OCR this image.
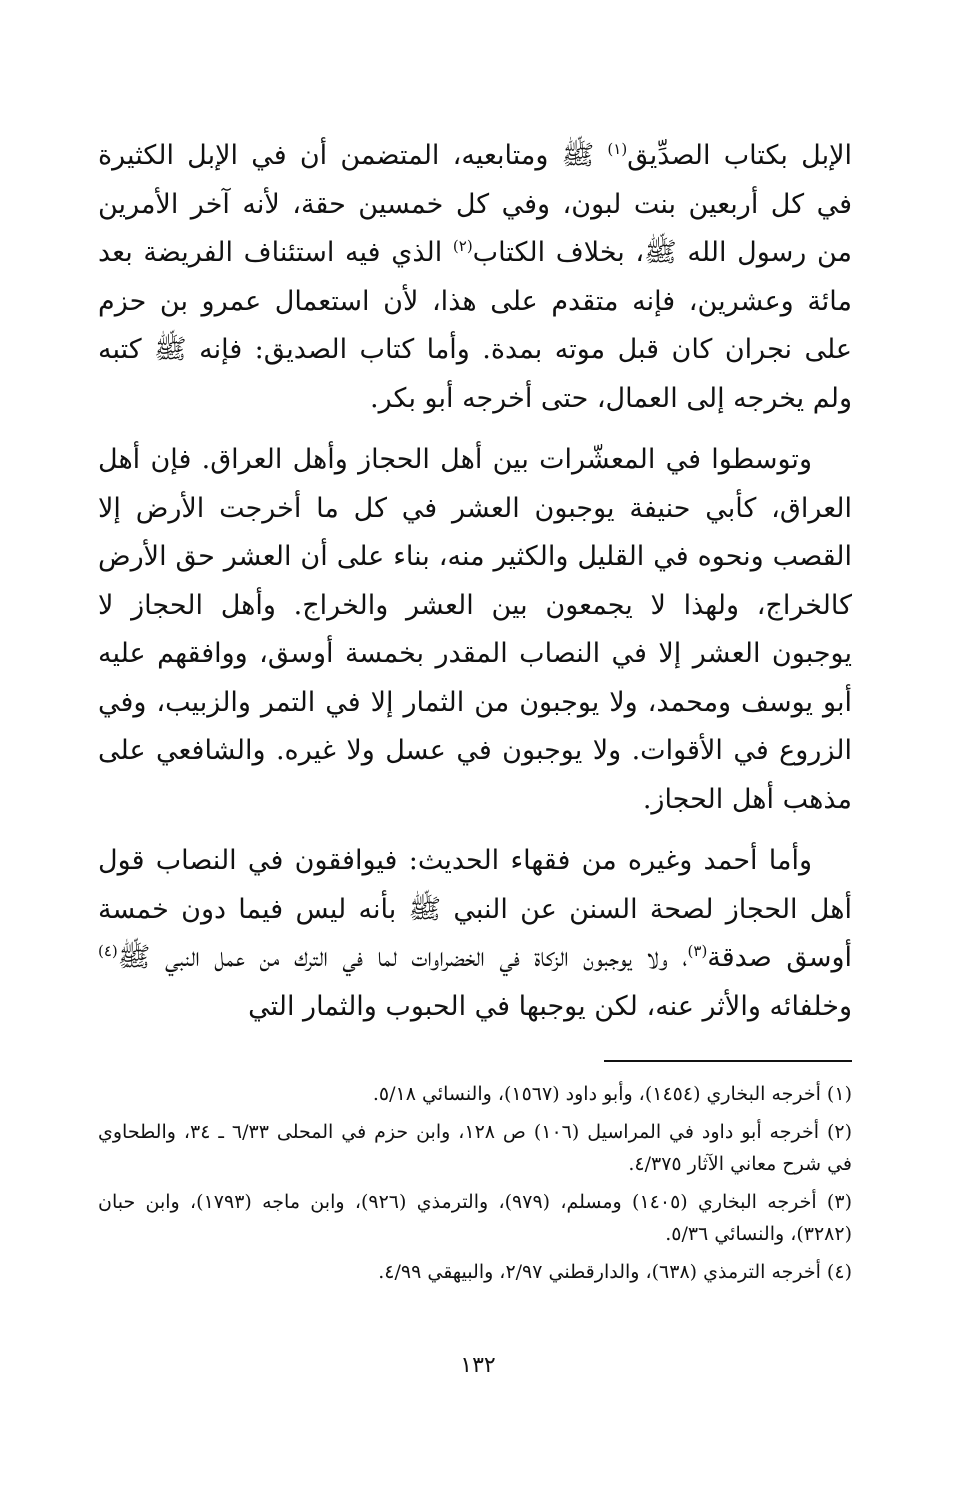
الإبل بكتاب الصدِّيق$^{(١)}$ ﷺ ومتابعيه، المتضمن أن في الإبل الكثيرة في كل أربعين بنت لبون، وفي كل خمسين حقة، لأنه آخر الأمرين من رسول الله ﷺ، بخلاف الكتاب$^{(٢)}$ الذي فيه استئناف الفريضة بعد مائة وعشرين، فإنه متقدم على هذا، لأن استعمال عمرو بن حزم على نجران كان قبل موته بمدة. وأما كتاب الصديق: فإنه ﷺ كتبه ولم يخرجه إلى العمال، حتى أخرجه أبو بكر.

وتوسطوا في المعشّرات بين أهل الحجاز وأهل العراق. فإن أهل العراق، كأبي حنيفة يوجبون العشر في كل ما أخرجت الأرض إلا القصب ونحوه في القليل والكثير منه، بناء على أن العشر حق الأرض كالخراج، ولهذا لا يجمعون بين العشر والخراج. وأهل الحجاز لا يوجبون العشر إلا في النصاب المقدر بخمسة أوسق، ووافقهم عليه أبو يوسف ومحمد، ولا يوجبون من الثمار إلا في التمر والزبيب، وفي الزروع في الأقوات. ولا يوجبون في عسل ولا غيره. والشافعي على مذهب أهل الحجاز.

وأما أحمد وغيره من فقهاء الحديث: فيوافقون في النصاب قول أهل الحجاز لصحة السنن عن النبي ﷺ بأنه ليس فيما دون خمسة أوسق صدقة$^{(٣)}$، ولا يوجبون الزكاة في الخضراوات لما في الترك من عمل النبي ﷺ$^{(٤)}$ وخلفائه والأثر عنه، لكن يوجبها في الحبوب والثمار التي

(١) أخرجه البخاري (١٤٥٤)، وأبو داود (١٥٦٧)، والنسائي ٥/١٨.

(٢) أخرجه أبو داود في المراسيل (١٠٦) ص ١٢٨، وابن حزم في المحلى ٦/٣٣ ـ ٣٤، والطحاوي في شرح معاني الآثار ٤/٣٧٥.

(٣) أخرجه البخاري (١٤٠٥) ومسلم، (٩٧٩)، والترمذي (٩٢٦)، وابن ماجه (١٧٩٣)، وابن حبان (٣٢٨٢)، والنسائي ٥/٣٦.

(٤) أخرجه الترمذي (٦٣٨)، والدارقطني ٢/٩٧، والبيهقي ٤/٩٩.

١٣٢
